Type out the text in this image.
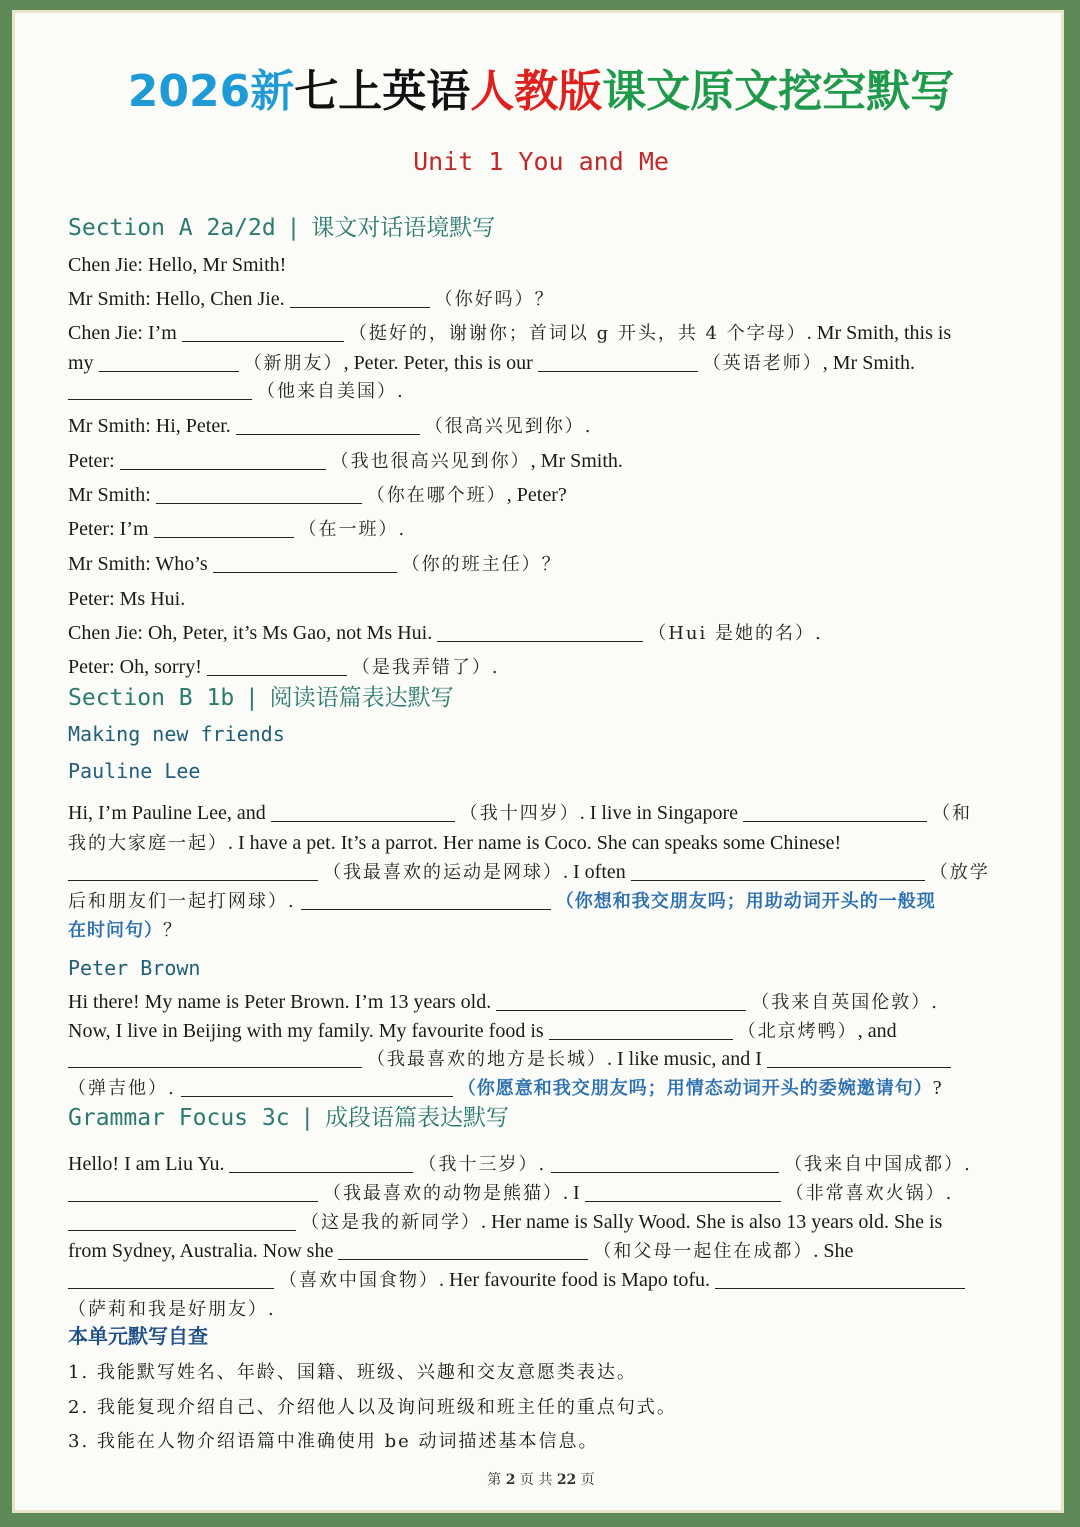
2026新七上英语人教版课文原文挖空默写
Unit 1 You and Me
Section A 2a/2d | 课文对话语境默写
Chen Jie: Hello, Mr Smith!
Mr Smith: Hello, Chen Jie.	（你好吗）？
Chen Jie: I’m	（挺好的，谢谢你；首词以 g 开头，共 4 个字母）. Mr Smith, this is
my	（新朋友）, Peter. Peter, this is our	（英语老师）, Mr Smith.
（他来自美国）.
Mr Smith: Hi, Peter.	（很高兴见到你）.
Peter:	（我也很高兴见到你）, Mr Smith.
Mr Smith:	（你在哪个班）, Peter?
Peter: I’m	（在一班）.
Mr Smith: Who’s	（你的班主任）？
Peter: Ms Hui.
Chen Jie: Oh, Peter, it’s Ms Gao, not Ms Hui.	（Hui 是她的名）.
Peter: Oh, sorry!	（是我弄错了）.
Section B 1b | 阅读语篇表达默写
Making new friends
Pauline Lee
Hi, I’m Pauline Lee, and	（我十四岁）. I live in Singapore	（和
我的大家庭一起）. I have a pet. It’s a parrot. Her name is Coco. She can speaks some Chinese!
（我最喜欢的运动是网球）. I often	（放学
后和朋友们一起打网球）.	（你想和我交朋友吗；用助动词开头的一般现
在时问句）？
Peter Brown
Hi there! My name is Peter Brown. I’m 13 years old.	（我来自英国伦敦）.
Now, I live in Beijing with my family. My favourite food is	（北京烤鸭）, and
（我最喜欢的地方是长城）. I like music, and I
（弹吉他）.	（你愿意和我交朋友吗；用情态动词开头的委婉邀请句）?
Grammar Focus 3c | 成段语篇表达默写
Hello! I am Liu Yu.	（我十三岁）.	（我来自中国成都）.
（我最喜欢的动物是熊猫）. I	（非常喜欢火锅）.
（这是我的新同学）. Her name is Sally Wood. She is also 13 years old. She is
from Sydney, Australia. Now she	（和父母一起住在成都）. She
（喜欢中国食物）. Her favourite food is Mapo tofu.
（萨莉和我是好朋友）.
本单元默写自查
1. 我能默写姓名、年龄、国籍、班级、兴趣和交友意愿类表达。
2. 我能复现介绍自己、介绍他人以及询问班级和班主任的重点句式。
3. 我能在人物介绍语篇中准确使用 be 动词描述基本信息。
第 2 页 共 22 页
